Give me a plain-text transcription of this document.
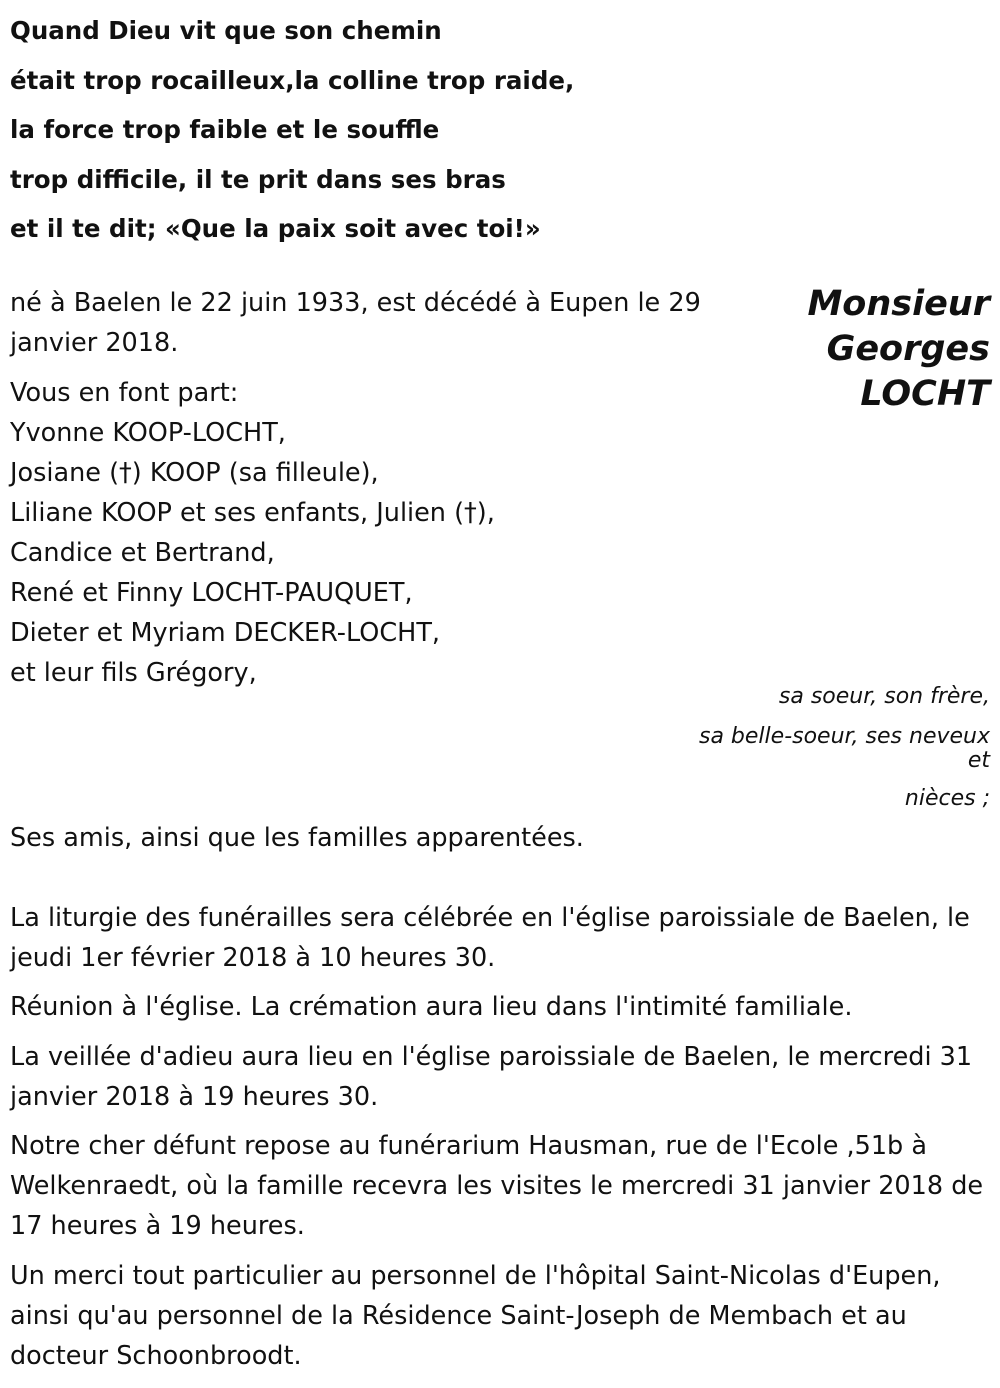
Quand Dieu vit que son chemin
était trop rocailleux,la colline trop raide,
la force trop faible et le souffle
trop difficile, il te prit dans ses bras
et il te dit; «Que la paix soit avec toi!»
né à Baelen le 22 juin 1933, est décédé à Eupen le 29 janvier 2018.
Monsieur
Georges
LOCHT
Vous en font part:
Yvonne KOOP-LOCHT,
Josiane (†) KOOP (sa filleule),
Liliane KOOP et ses enfants, Julien (†),
Candice et Bertrand,
René et Finny LOCHT-PAUQUET,
Dieter et Myriam DECKER-LOCHT,
et leur fils Grégory,
sa soeur, son frère,
sa belle-soeur, ses neveux et
nièces ;
Ses amis, ainsi que les familles apparentées.
La liturgie des funérailles sera célébrée en l'église paroissiale de Baelen, le jeudi 1er février 2018 à 10 heures 30.
Réunion à l'église. La crémation aura lieu dans l'intimité familiale.
La veillée d'adieu aura lieu en l'église paroissiale de Baelen, le mercredi 31 janvier 2018 à 19 heures 30.
Notre cher défunt repose au funérarium Hausman, rue de l'Ecole ,51b à Welkenraedt, où la famille recevra les visites le mercredi 31 janvier 2018 de 17 heures à 19 heures.
Un merci tout particulier au personnel de l'hôpital Saint-Nicolas d'Eupen, ainsi qu'au personnel de la Résidence Saint-Joseph de Membach et au docteur Schoonbroodt.
